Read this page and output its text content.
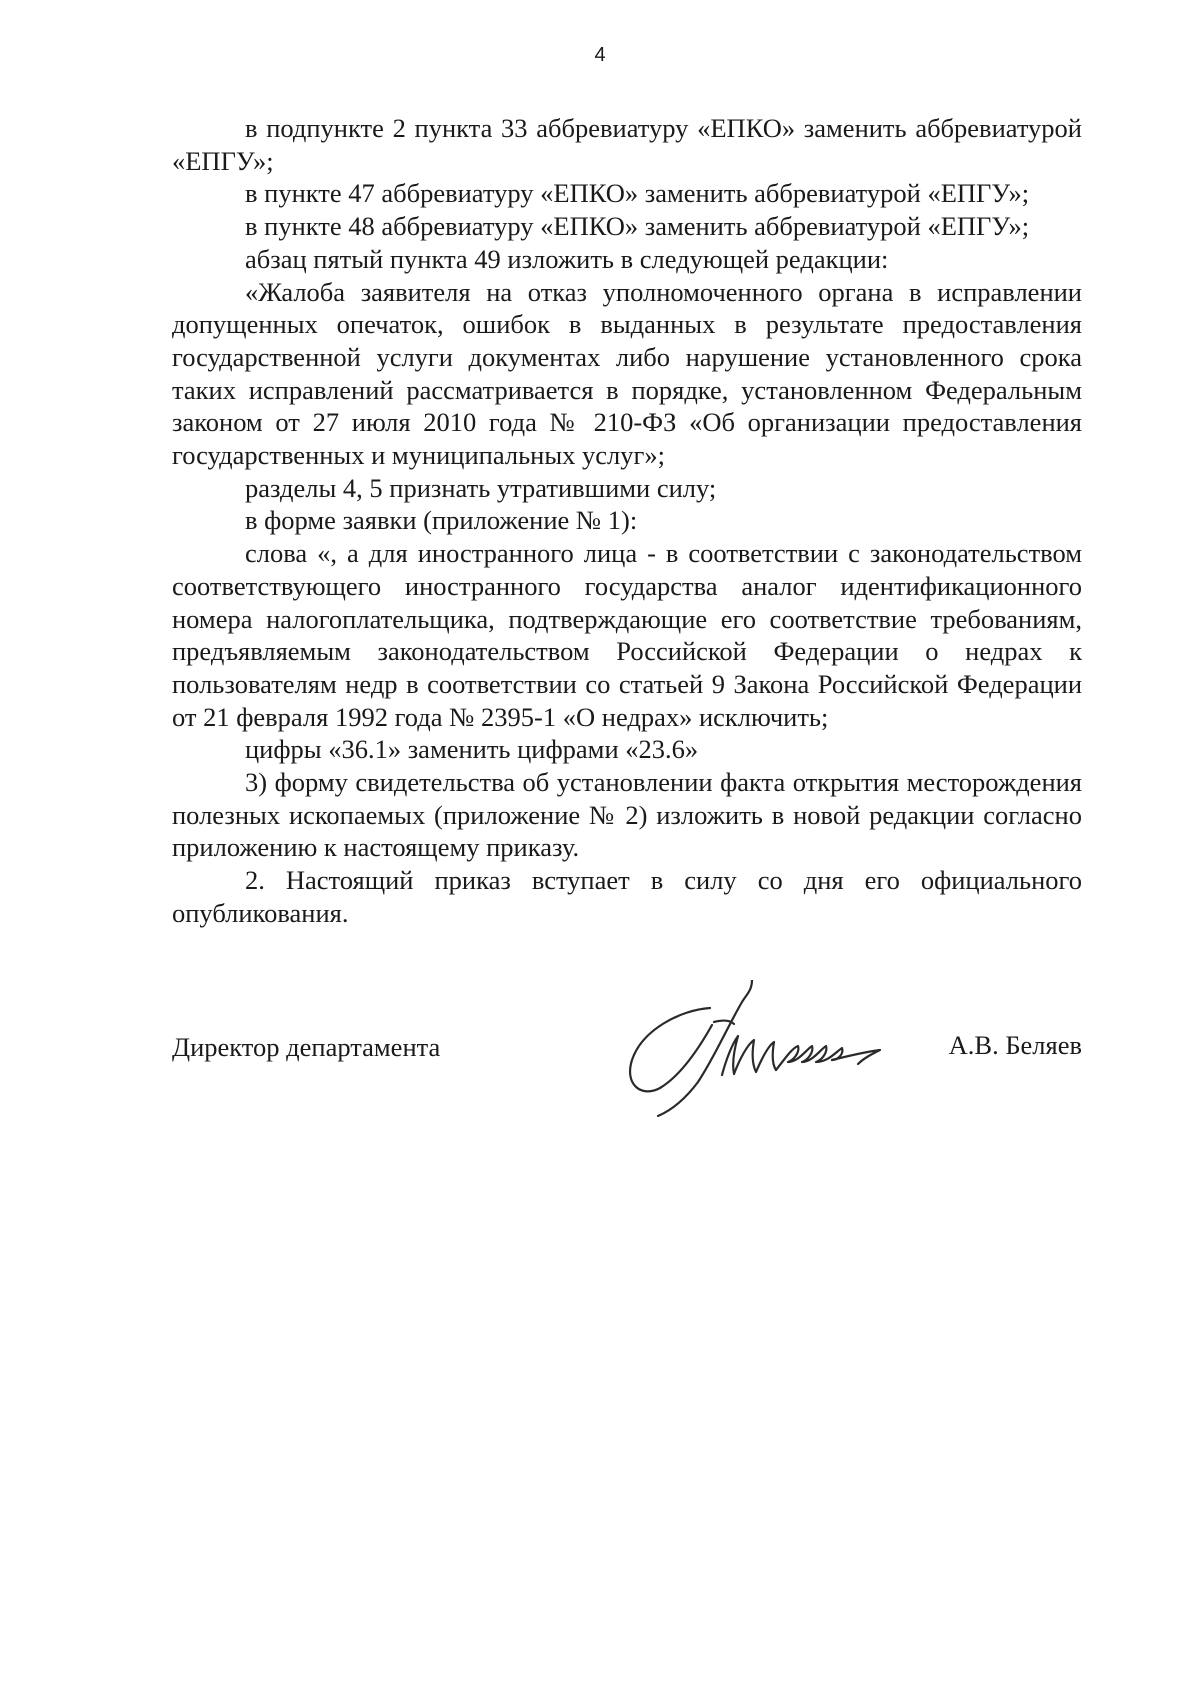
4

в подпункте 2 пункта 33 аббревиатуру «ЕПКО» заменить аббревиатурой «ЕПГУ»;

в пункте 47 аббревиатуру «ЕПКО» заменить аббревиатурой «ЕПГУ»;

в пункте 48 аббревиатуру «ЕПКО» заменить аббревиатурой «ЕПГУ»;

абзац пятый пункта 49 изложить в следующей редакции:

«Жалоба заявителя на отказ уполномоченного органа в исправлении допущенных опечаток, ошибок в выданных в результате предоставления государственной услуги документах либо нарушение установленного срока таких исправлений рассматривается в порядке, установленном Федеральным законом от 27 июля 2010 года № 210-ФЗ «Об организации предоставления государственных и муниципальных услуг»;

разделы 4, 5 признать утратившими силу;

в форме заявки (приложение № 1):

слова «, а для иностранного лица - в соответствии с законодательством соответствующего иностранного государства аналог идентификационного номера налогоплательщика, подтверждающие его соответствие требованиям, предъявляемым законодательством Российской Федерации о недрах к пользователям недр в соответствии со статьей 9 Закона Российской Федерации от 21 февраля 1992 года № 2395-1 «О недрах» исключить;

цифры «36.1» заменить цифрами «23.6»

3) форму свидетельства об установлении факта открытия месторождения полезных ископаемых (приложение № 2) изложить в новой редакции согласно приложению к настоящему приказу.

2. Настоящий приказ вступает в силу со дня его официального опубликования.

Директор департамента	А.В. Беляев
